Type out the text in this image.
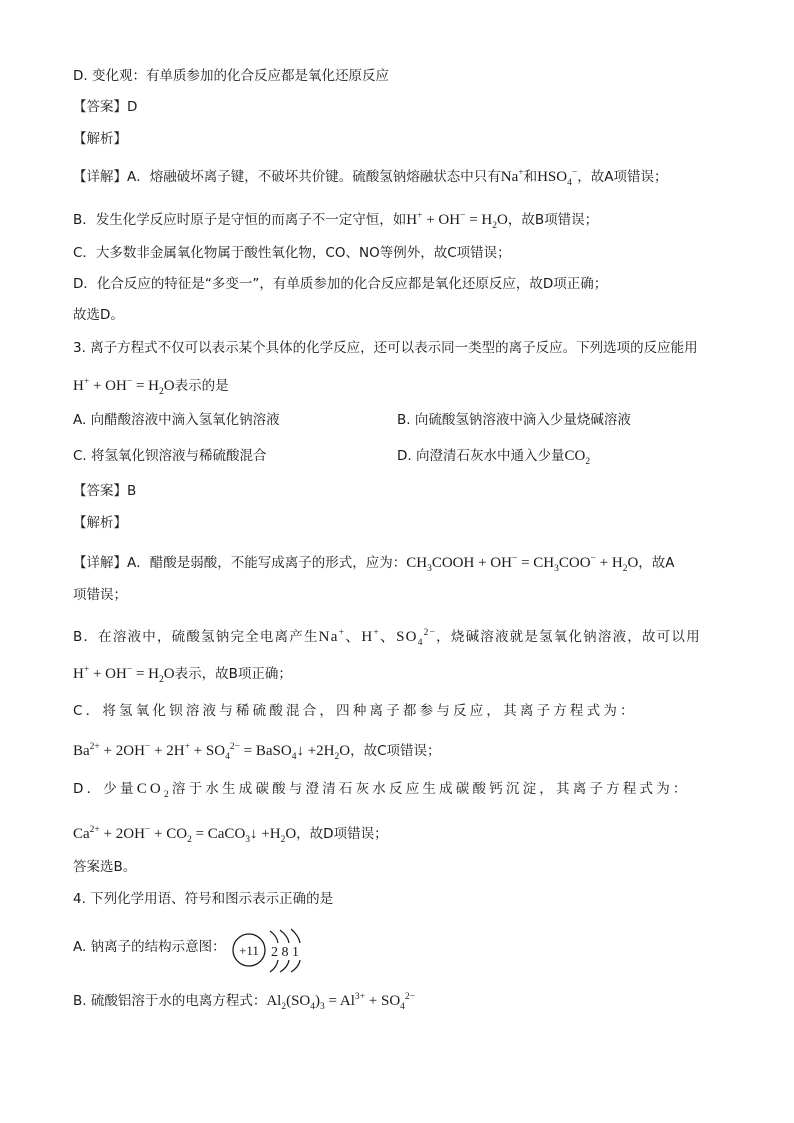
D. 变化观：有单质参加的化合反应都是氧化还原反应
【答案】D
【解析】
【详解】A．熔融破坏离子键，不破坏共价键。硫酸氢钠熔融状态中只有Na+和$HSO_4^-$，故A项错误；
B．发生化学反应时原子是守恒的而离子不一定守恒，如$H^+ + OH^- = H_2O$，故B项错误；
C．大多数非金属氧化物属于酸性氧化物，CO、NO等例外，故C项错误；
D．化合反应的特征是“多变一”，有单质参加的化合反应都是氧化还原反应，故D项正确；
故选D。
3. 离子方程式不仅可以表示某个具体的化学反应，还可以表示同一类型的离子反应。下列选项的反应能用
$H^+ + OH^- = H_2O$表示的是
A. 向醋酸溶液中滴入氢氧化钠溶液	B. 向硫酸氢钠溶液中滴入少量烧碱溶液
C. 将氢氧化钡溶液与稀硫酸混合	D. 向澄清石灰水中通入少量$CO_2$
【答案】B
【解析】
【详解】A．醋酸是弱酸，不能写成离子的形式，应为：$CH_3COOH + OH^- = CH_3COO^- + H_2O$，故A
项错误；
B．在溶液中，硫酸氢钠完全电离产生Na+、H+、$SO_4^{2-}$，烧碱溶液就是氢氧化钠溶液，故可以用
$H^+ + OH^- = H_2O$表示，故B项正确；
C．将氢氧化钡溶液与稀硫酸混合，四种离子都参与反应，其离子方程式为：
$Ba^{2+} + 2OH^- + 2H^+ + SO_4^{2-}$ = BaSO$_4$↓ $+2H_2O$，故C项错误；
D．少量$CO_2$溶于水生成碳酸与澄清石灰水反应生成碳酸钙沉淀，其离子方程式为：
$Ca^{2+} + 2OH^- + CO_2$ = CaCO$_3$↓ $+H_2O$，故D项错误；
答案选B。
4. 下列化学用语、符号和图示表示正确的是
A. 钠离子的结构示意图： +11 2 8 1
B. 硫酸铝溶于水的电离方程式：$Al_2(SO_4)_3 = Al^{3+} + SO_4^{2-}$
